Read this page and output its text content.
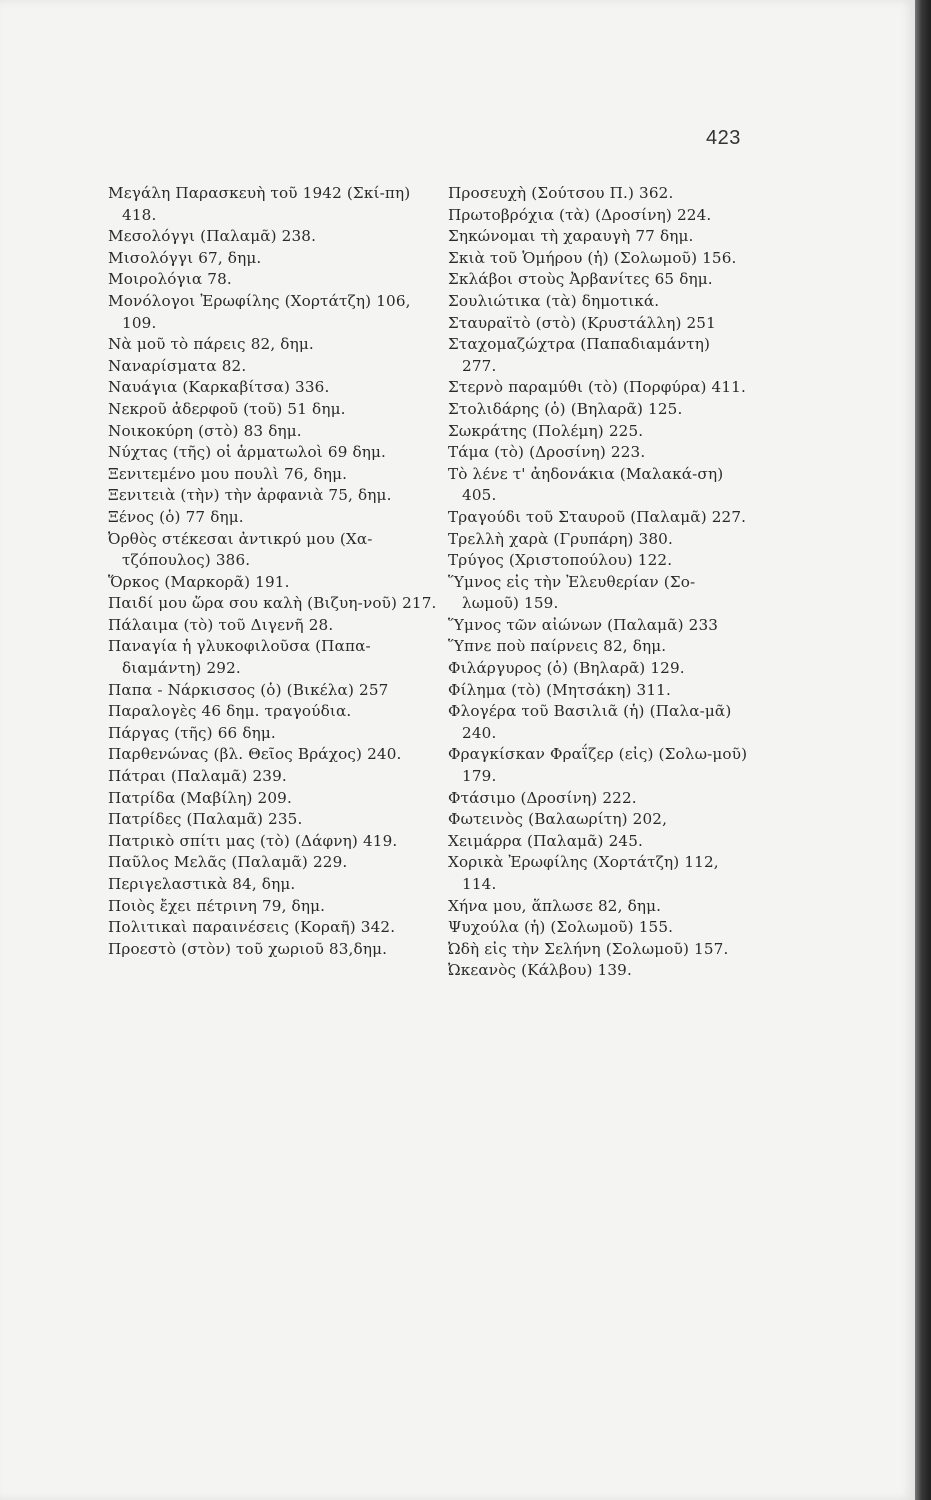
423

Μεγάλη Παρασκευὴ τοῦ 1942 (Σκί-πη) 418.

Μεσολόγγι (Παλαμᾶ) 238.

Μισολόγγι 67, δημ.

Μοιρολόγια 78.

Μονόλογοι Ἐρωφίλης (Χορτάτζη) 106, 109.

Νὰ μοῦ τὸ πάρεις 82, δημ.

Ναναρίσματα 82.

Ναυάγια (Καρκαβίτσα) 336.

Νεκροῦ ἀδερφοῦ (τοῦ) 51 δημ.

Νοικοκύρη (στὸ) 83 δημ.

Νύχτας (τῆς) οἱ ἁρματωλοὶ 69 δημ.

Ξενιτεμένο μου πουλὶ 76, δημ.

Ξενιτειὰ (τὴν) τὴν ἀρφανιὰ 75, δημ.

Ξένος (ὁ) 77 δημ.

Ὀρθὸς στέκεσαι ἀντικρύ μου (Χα-τζόπουλος) 386.

Ὅρκος (Μαρκορᾶ) 191.

Παιδί μου ὥρα σου καλὴ (Βιζυη-νοῦ) 217.

Πάλαιμα (τὸ) τοῦ Διγενῆ 28.

Παναγία ἡ γλυκοφιλοῦσα (Παπα-διαμάντη) 292.

Παπα - Νάρκισσος (ὁ) (Βικέλα) 257

Παραλογὲς 46 δημ. τραγούδια.

Πάργας (τῆς) 66 δημ.

Παρθενώνας (βλ. Θεῖος Βράχος) 240.

Πάτραι (Παλαμᾶ) 239.

Πατρίδα (Μαβίλη) 209.

Πατρίδες (Παλαμᾶ) 235.

Πατρικὸ σπίτι μας (τὸ) (Δάφνη) 419.

Παῦλος Μελᾶς (Παλαμᾶ) 229.

Περιγελαστικὰ 84, δημ.

Ποιὸς ἔχει πέτρινη 79, δημ.

Πολιτικαὶ παραινέσεις (Κοραῆ) 342.

Προεστὸ (στὸν) τοῦ χωριοῦ 83,δημ.

Προσευχὴ (Σούτσου Π.) 362.

Πρωτοβρόχια (τὰ) (Δροσίνη) 224.

Σηκώνομαι τὴ χαραυγὴ 77 δημ.

Σκιὰ τοῦ Ὁμήρου (ἡ) (Σολωμοῦ) 156.

Σκλάβοι στοὺς Ἀρβανίτες 65 δημ.

Σουλιώτικα (τὰ) δημοτικά.

Σταυραϊτὸ (στὸ) (Κρυστάλλη) 251

Σταχομαζώχτρα (Παπαδιαμάντη) 277.

Στερνὸ παραμύθι (τὸ) (Πορφύρα) 411.

Στολιδάρης (ὁ) (Βηλαρᾶ) 125.

Σωκράτης (Πολέμη) 225.

Τάμα (τὸ) (Δροσίνη) 223.

Τὸ λένε τ' ἀηδονάκια (Μαλακά-ση) 405.

Τραγούδι τοῦ Σταυροῦ (Παλαμᾶ) 227.

Τρελλὴ χαρὰ (Γρυπάρη) 380.

Τρύγος (Χριστοπούλου) 122.

Ὕμνος εἰς τὴν Ἐλευθερίαν (Σο-λωμοῦ) 159.

Ὕμνος τῶν αἰώνων (Παλαμᾶ) 233

Ὕπνε ποὺ παίρνεις 82, δημ.

Φιλάργυρος (ὁ) (Βηλαρᾶ) 129.

Φίλημα (τὸ) (Μητσάκη) 311.

Φλογέρα τοῦ Βασιλιᾶ (ἡ) (Παλα-μᾶ) 240.

Φραγκίσκαν Φραΐζερ (εἰς) (Σολω-μοῦ) 179.

Φτάσιμο (Δροσίνη) 222.

Φωτεινὸς (Βαλαωρίτη) 202,

Χειμάρρα (Παλαμᾶ) 245.

Χορικὰ Ἐρωφίλης (Χορτάτζη) 112, 114.

Χήνα μου, ἅπλωσε 82, δημ.

Ψυχούλα (ἡ) (Σολωμοῦ) 155.

Ὠδὴ εἰς τὴν Σελήνη (Σολωμοῦ) 157.

Ὠκεανὸς (Κάλβου) 139.
